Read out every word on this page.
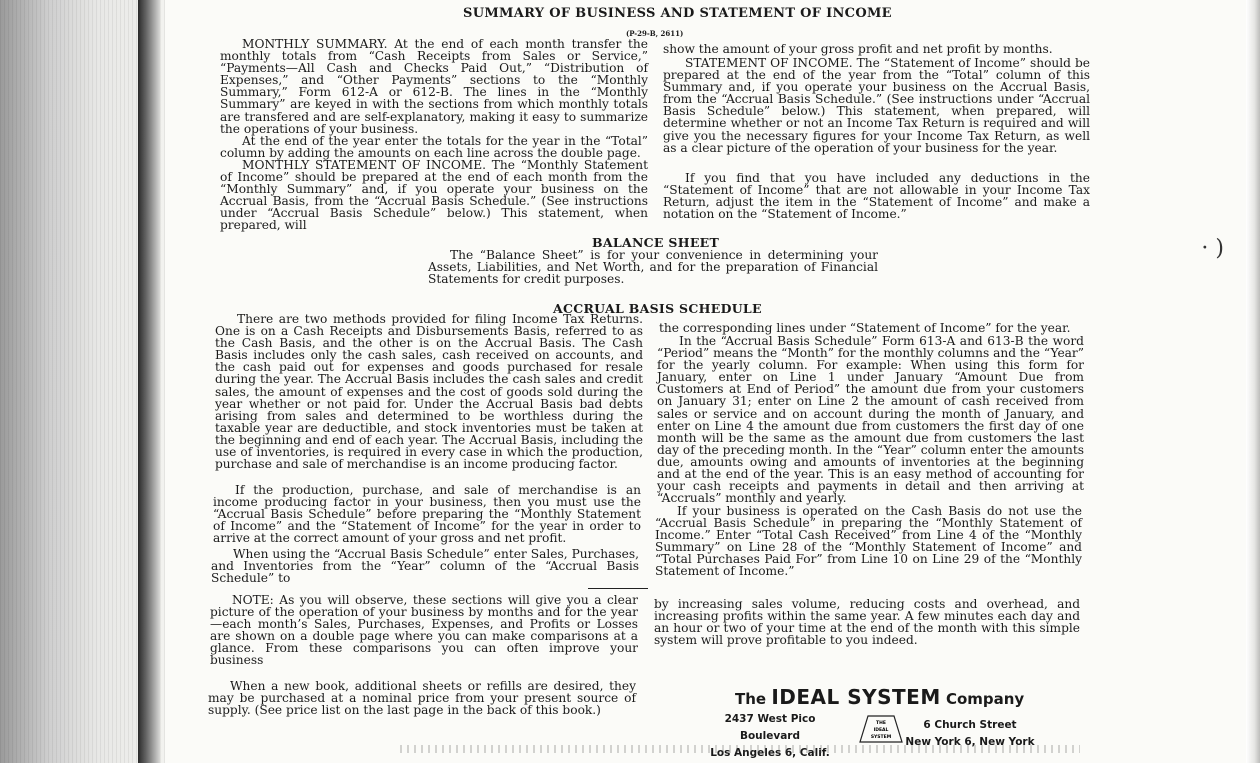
· )
SUMMARY OF BUSINESS AND STATEMENT OF INCOME
(P-29-B, 2611)

MONTHLY SUMMARY. At the end of each month transfer the monthly totals from “Cash Receipts from Sales or Service,” “Payments—All Cash and Checks Paid Out,” “Distribution of Expenses,” and “Other Payments” sections to the “Monthly Summary,” Form 612-A or 612-B. The lines in the “Monthly Summary” are keyed in with the sections from which monthly totals are transfered and are self-explanatory, making it easy to summarize the operations of your business.

At the end of the year enter the totals for the year in the “Total” column by adding the amounts on each line across the double page.

MONTHLY STATEMENT OF INCOME. The “Monthly Statement of Income” should be prepared at the end of each month from the “Monthly Summary” and, if you operate your business on the Accrual Basis, from the “Accrual Basis Schedule.” (See instructions under “Accrual Basis Schedule” below.) This statement, when prepared, will

show the amount of your gross profit and net profit by months.

STATEMENT OF INCOME. The “Statement of Income” should be prepared at the end of the year from the “Total” column of this Summary and, if you operate your business on the Accrual Basis, from the “Accrual Basis Schedule.” (See instructions under “Accrual Basis Schedule” below.) This statement, when prepared, will determine whether or not an Income Tax Return is required and will give you the necessary figures for your Income Tax Return, as well as a clear picture of the operation of your business for the year.

If you find that you have included any deductions in the “Statement of Income” that are not allowable in your Income Tax Return, adjust the item in the “Statement of Income” and make a notation on the “Statement of Income.”

BALANCE SHEET

The “Balance Sheet” is for your convenience in determining your Assets, Liabilities, and Net Worth, and for the preparation of Financial Statements for credit purposes.

ACCRUAL BASIS SCHEDULE

There are two methods provided for filing Income Tax Returns. One is on a Cash Receipts and Disbursements Basis, referred to as the Cash Basis, and the other is on the Accrual Basis. The Cash Basis includes only the cash sales, cash received on accounts, and the cash paid out for expenses and goods purchased for resale during the year. The Accrual Basis includes the cash sales and credit sales, the amount of expenses and the cost of goods sold during the year whether or not paid for. Under the Accrual Basis bad debts arising from sales and determined to be worthless during the taxable year are deductible, and stock inventories must be taken at the beginning and end of each year. The Accrual Basis, including the use of inventories, is required in every case in which the production, purchase and sale of merchandise is an income producing factor.

If the production, purchase, and sale of merchandise is an income producing factor in your business, then you must use the “Accrual Basis Schedule” before preparing the “Monthly Statement of Income” and the “Statement of Income” for the year in order to arrive at the correct amount of your gross and net profit.

When using the “Accrual Basis Schedule” enter Sales, Purchases, and Inventories from the “Year” column of the “Accrual Basis Schedule” to

the corresponding lines under “Statement of Income” for the year.

In the “Accrual Basis Schedule” Form 613-A and 613-B the word “Period” means the “Month” for the monthly columns and the “Year” for the yearly column. For example: When using this form for January, enter on Line 1 under January “Amount Due from Customers at End of Period” the amount due from your customers on January 31; enter on Line 2 the amount of cash received from sales or service and on account during the month of January, and enter on Line 4 the amount due from customers the first day of one month will be the same as the amount due from customers the last day of the preceding month. In the “Year” column enter the amounts due, amounts owing and amounts of inventories at the beginning and at the end of the year. This is an easy method of accounting for your cash receipts and payments in detail and then arriving at “Accruals” monthly and yearly.

If your business is operated on the Cash Basis do not use the “Accrual Basis Schedule” in preparing the “Monthly Statement of Income.” Enter “Total Cash Received” from Line 4 of the “Monthly Summary” on Line 28 of the “Monthly Statement of Income” and “Total Purchases Paid For” from Line 10 on Line 29 of the “Monthly Statement of Income.”

NOTE: As you will observe, these sections will give you a clear picture of the operation of your business by months and for the year—each month’s Sales, Purchases, Expenses, and Profits or Losses are shown on a double page where you can make comparisons at a glance. From these comparisons you can often improve your business

by increasing sales volume, reducing costs and overhead, and increasing profits within the same year. A few minutes each day and an hour or two of your time at the end of the month with this simple system will prove profitable to you indeed.

When a new book, additional sheets or refills are desired, they may be purchased at a nominal price from your present source of supply. (See price list on the last page in the back of this book.)

The IDEAL SYSTEM Company
2437 West Pico Boulevard
Los Angeles 6, Calif.
THE
IDEAL
SYSTEM
6 Church Street
New York 6, New York
